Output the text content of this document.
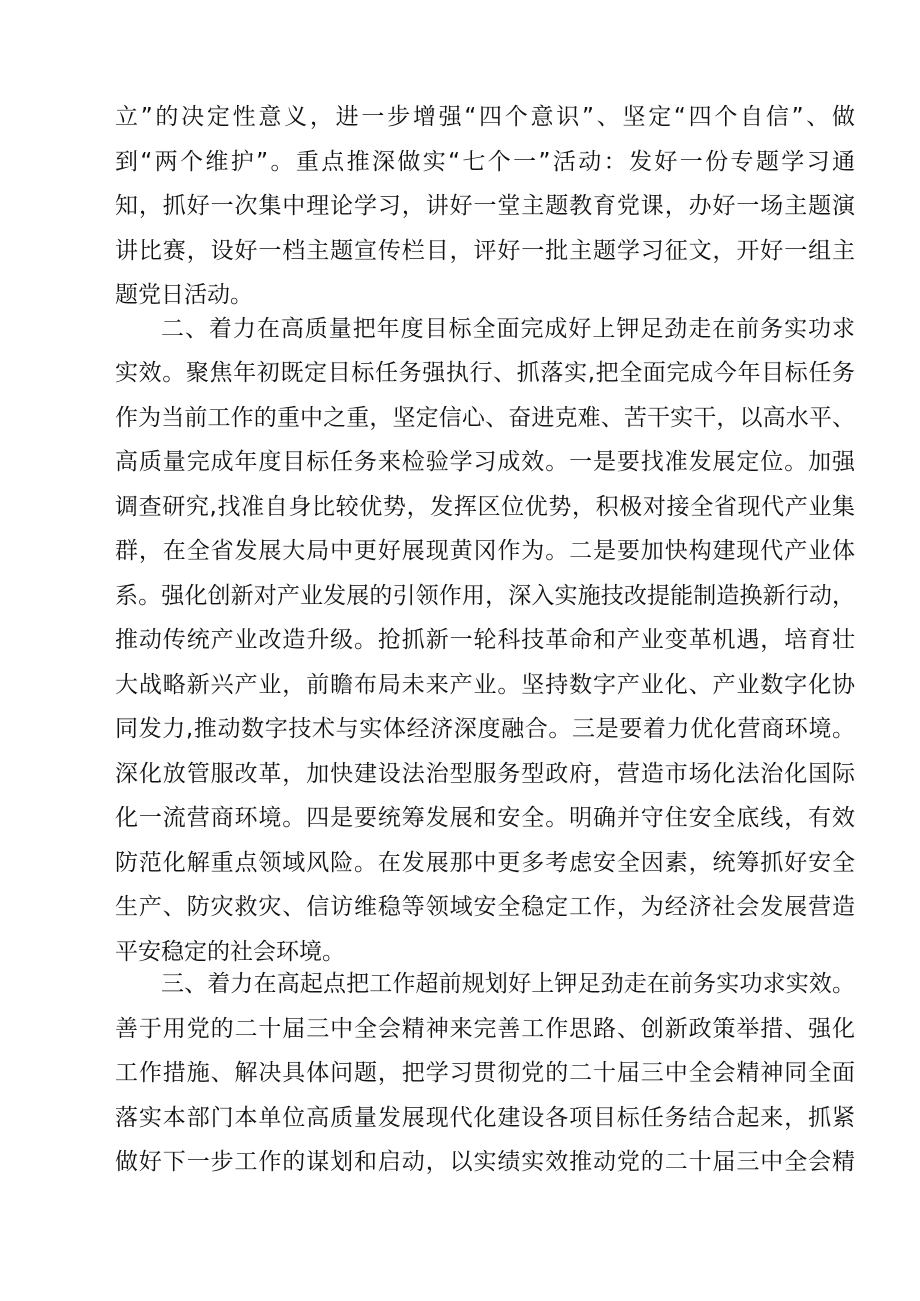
立”的决定性意义，进一步增强“四个意识”、坚定“四个自信”、做
到“两个维护”。重点推深做实“七个一”活动：发好一份专题学习通
知，抓好一次集中理论学习，讲好一堂主题教育党课，办好一场主题演
讲比赛，设好一档主题宣传栏目，评好一批主题学习征文，开好一组主
题党日活动。
二、着力在高质量把年度目标全面完成好上钾足劲走在前务实功求
实效。聚焦年初既定目标任务强执行、抓落实,把全面完成今年目标任务
作为当前工作的重中之重，坚定信心、奋进克难、苦干实干，以高水平、
高质量完成年度目标任务来检验学习成效。一是要找准发展定位。加强
调查研究,找准自身比较优势，发挥区位优势，积极对接全省现代产业集
群，在全省发展大局中更好展现黄冈作为。二是要加快构建现代产业体
系。强化创新对产业发展的引领作用，深入实施技改提能制造换新行动，
推动传统产业改造升级。抢抓新一轮科技革命和产业变革机遇，培育壮
大战略新兴产业，前瞻布局未来产业。坚持数字产业化、产业数字化协
同发力,推动数字技术与实体经济深度融合。三是要着力优化营商环境。
深化放管服改革，加快建设法治型服务型政府，营造市场化法治化国际
化一流营商环境。四是要统筹发展和安全。明确并守住安全底线，有效
防范化解重点领域风险。在发展那中更多考虑安全因素，统筹抓好安全
生产、防灾救灾、信访维稳等领域安全稳定工作，为经济社会发展营造
平安稳定的社会环境。
三、着力在高起点把工作超前规划好上钾足劲走在前务实功求实效。
善于用党的二十届三中全会精神来完善工作思路、创新政策举措、强化
工作措施、解决具体问题，把学习贯彻党的二十届三中全会精神同全面
落实本部门本单位高质量发展现代化建设各项目标任务结合起来，抓紧
做好下一步工作的谋划和启动，以实绩实效推动党的二十届三中全会精
